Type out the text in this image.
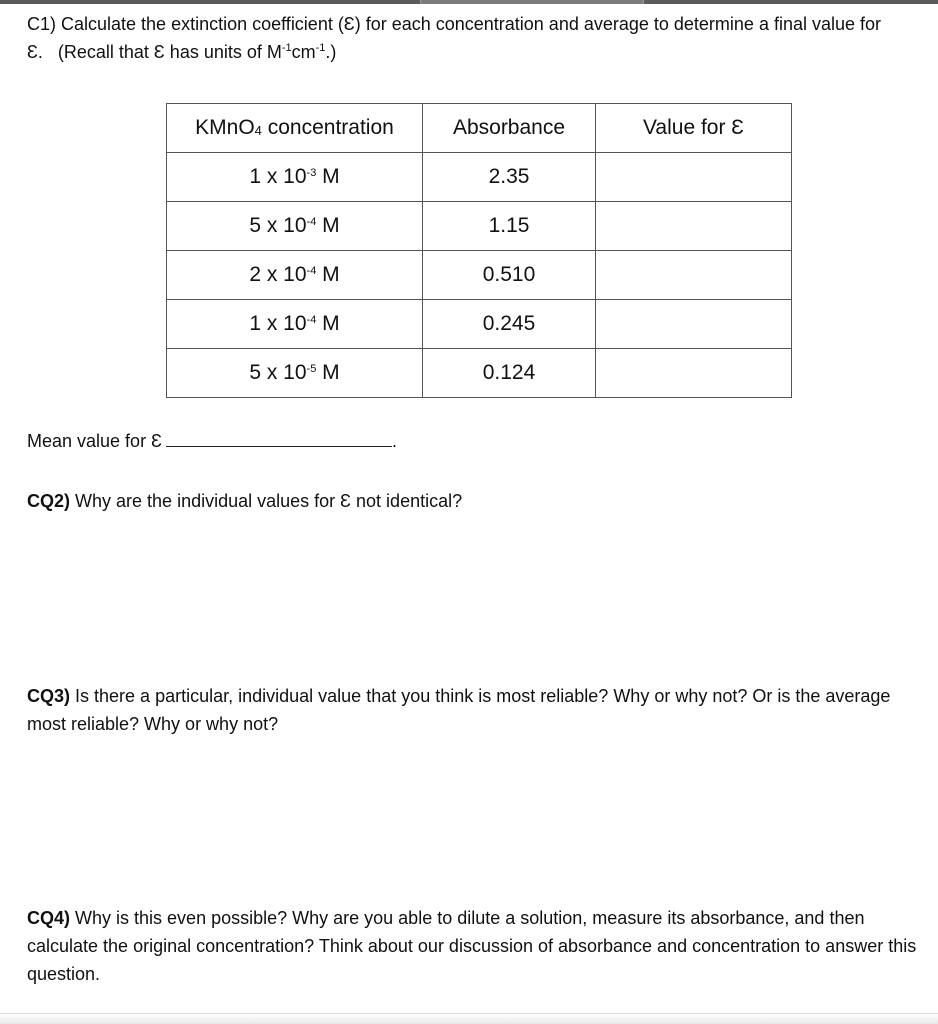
C1) Calculate the extinction coefficient (Ɛ) for each concentration and average to determine a final value for Ɛ. (Recall that Ɛ has units of $M^{-1}cm^{-1}$.)
KMnO$_4$ concentration	Absorbance	Value for Ɛ
1 x $10^{-3}$ M	2.35	
5 x $10^{-4}$ M	1.15	
2 x $10^{-4}$ M	0.510	
1 x $10^{-4}$ M	0.245	
5 x $10^{-5}$ M	0.124	
Mean value for Ɛ	.
CQ2) Why are the individual values for Ɛ not identical?
CQ3) Is there a particular, individual value that you think is most reliable? Why or why not? Or is the average most reliable? Why or why not?
CQ4) Why is this even possible? Why are you able to dilute a solution, measure its absorbance, and then calculate the original concentration? Think about our discussion of absorbance and concentration to answer this question.
